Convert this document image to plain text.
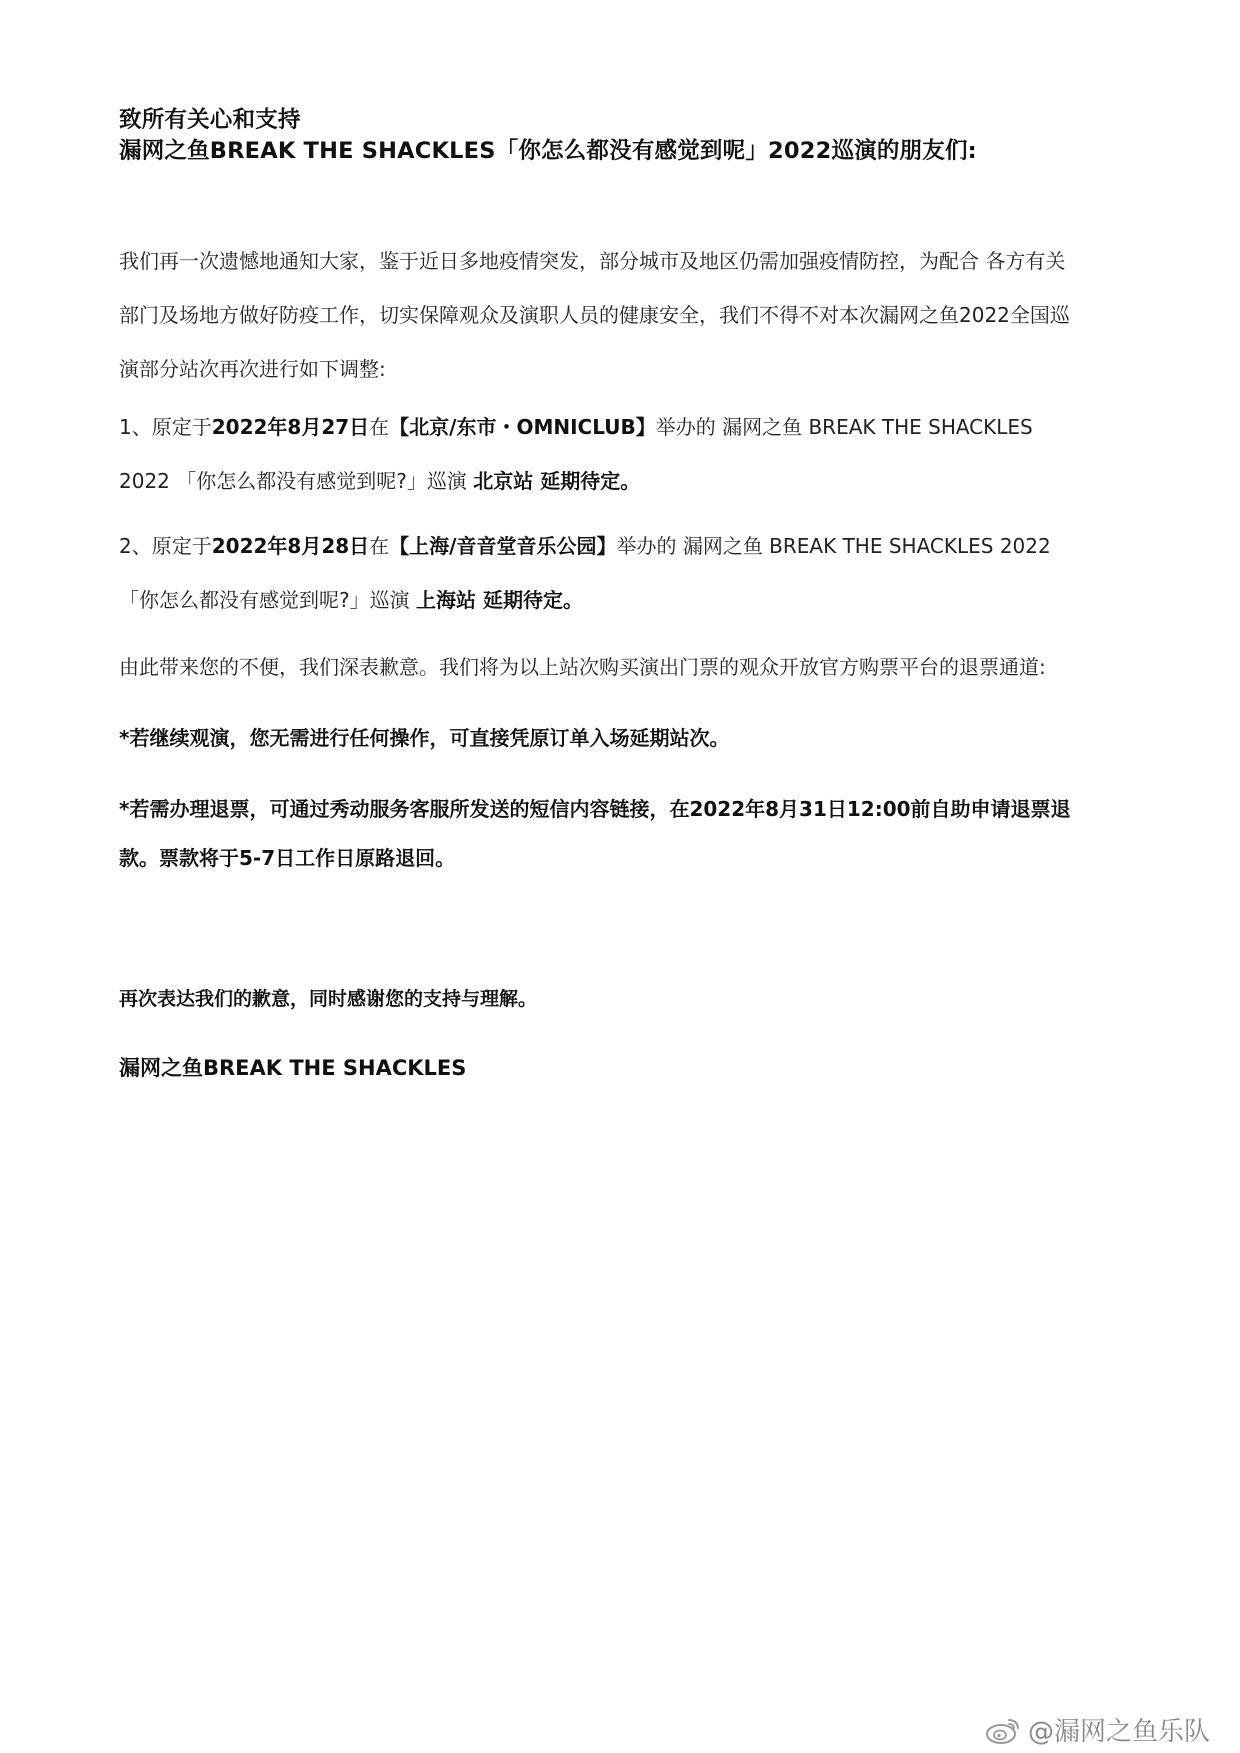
致所有关心和支持
漏网之鱼BREAK THE SHACKLES「你怎么都没有感觉到呢」2022巡演的朋友们:
我们再一次遗憾地通知大家，鉴于近日多地疫情突发，部分城市及地区仍需加强疫情防控，为配合 各方有关
部门及场地方做好防疫工作，切实保障观众及演职人员的健康安全，我们不得不对本次漏网之鱼2022全国巡
演部分站次再次进行如下调整:
1、原定于2022年8月27日在【北京/东市・OMNICLUB】举办的 漏网之鱼 BREAK THE SHACKLES
2022 「你怎么都没有感觉到呢?」巡演 北京站 延期待定。
2、原定于2022年8月28日在【上海/音音堂音乐公园】举办的 漏网之鱼 BREAK THE SHACKLES 2022
「你怎么都没有感觉到呢?」巡演 上海站 延期待定。
由此带来您的不便，我们深表歉意。我们将为以上站次购买演出门票的观众开放官方购票平台的退票通道:
*若继续观演，您无需进行任何操作，可直接凭原订单入场延期站次。
*若需办理退票，可通过秀动服务客服所发送的短信内容链接，在2022年8月31日12:00前自助申请退票退
款。票款将于5-7日工作日原路退回。
再次表达我们的歉意，同时感谢您的支持与理解。
漏网之鱼BREAK THE SHACKLES
@漏网之鱼乐队
